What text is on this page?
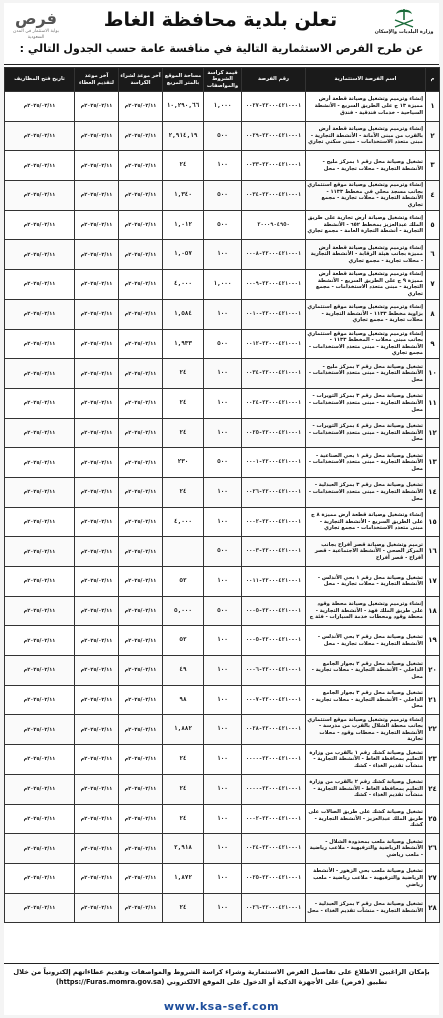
فرص
بوابة الاستثمار في المدن السعودية
تعلن بلدية محافظة الغاط
عن طرح الفرص الاستثمارية التالية في منافسة عامة حسب الجدول التالي :
وزارة البلديات والإسكان
م	اسم الفرصة الاستثمارية	رقم الفرصة	قيمة كراسة الشروط والمواصفات	مساحة الموقع بالمتر المربع	آخر موعد لشراء الكراسة	آخر موعد لتقديم العطاء	تاريخ فتح المظاريف
١	إنشاء وترميم وتشغيل وصيانة قطعة أرض مميزة ١٣ ج على الطريق السريع - الأنشطة السياحية - خدمات فندقية - فندق	٠١-٢٢٠٠٠٤٢١٠-٠٠٢٧	١,٠٠٠	١٠,٢٩٠,٦٦	٢٠٢٥/٠٢/١١م	٢٠٢٥/٠٢/١١م	٢٠٢٥/٠٢/١١م
٢	إنشاء وترميم وتشغيل وصيانة قطعة أرض بالقرب من مبنى الأمانة - الأنشطة التجارية - مبنى متعدد الاستخدامات - مبنى سكني تجاري	٠١-٢٢٠٠٠٤٢١٠-٠٠٢٩	٥٠٠	٢,٩١٤,١٩	٢٠٢٥/٠٢/١١م	٢٠٢٥/٠٢/١١م	٢٠٢٥/٠٢/١١م
٣	تشغيل وصيانة محل رقم ١ بمركز مليح - الأنشطة التجارية - محلات تجارية - محل	٠١-٢٢٠٠٠٤٢١٠-٠٠٣٣	١٠٠	٢٤	٢٠٢٥/٠٢/١١م	٢٠٢٥/٠٢/١١م	٢٠٢٥/٠٢/١١م
٤	إنشاء وترميم وتشغيل وصيانة موقع استثماري بجانب مسجد محلي في مخطط ١١٣٣ - الأنشطة التجارية - محلات تجارية - مجمع تجاري	٠١-٢٢٠٠٠٤٢١٠-٠٠٣٤	٥٠٠	١,٣٤٠	٢٠٢٥/٠٢/١١م	٢٠٢٥/٠٢/١١م	٢٠٢٥/٠٢/١١م
٥	إنشاء وتشغيل وصيانة أرض تجارية على طريق الملك عبدالعزيز بمخطط ٦٥٢ - الأنشطة التجارية - أنشطة التجارة العامة - مجمع تجاري	٢٠٠٠٩٠٤٩٥٠	٥٠٠	١,٠١٢	٢٠٢٥/٠٢/١١م	٢٠٢٥/٠٢/١١م	٢٠٢٥/٠٢/١١م
٦	إنشاء وترميم وتشغيل وصيانة قطعة أرض مميزة بجانب هيئة الرقابة - الأنشطة التجارية - محلات تجارية - مجمع تجاري	٠١-٢٢٠٠٠٤٢١٠-٠٠٠٨	١٠٠	١,٠٥٧	٢٠٢٥/٠٢/١١م	٢٠٢٥/٠٢/١١م	٢٠٢٥/٠٢/١١م
٧	إنشاء وترميم وتشغيل وصيانة قطعة أرض مميزة ٩ ج على الطريق السريع - الأنشطة التجارية - مبنى متعدد الاستخدامات - مجمع تجاري	٠١-٢٢٠٠٠٤٢١٠-٠٠٠٩	١,٠٠٠	٤,٠٠٠	٢٠٢٥/٠٢/١١م	٢٠٢٥/٠٢/١١م	٢٠٢٥/٠٢/١١م
٨	إنشاء وترميم وتشغيل وصيانة موقع استثماري بزاوية مخطط ١١٣٣ - الأنشطة التجارية - محلات تجارية - مجمع تجاري	٠١-٢٢٠٠٠٤٢١٠-٠٠١٠	١٠٠	١,٥٨٤	٢٠٢٥/٠٢/١١م	٢٠٢٥/٠٢/١١م	٢٠٢٥/٠٢/١١م
٩	إنشاء وترميم وتشغيل وصيانة موقع استثماري بجانب مبنى محلات - المخطط ١١٣٣ - الأنشطة التجارية - مبنى متعدد الاستخدامات - مجمع تجاري	٠١-٢٢٠٠٠٤٢١٠-٠٠١٢	٥٠٠	١,٩٣٣	٢٠٢٥/٠٢/١١م	٢٠٢٥/٠٢/١١م	٢٠٢٥/٠٢/١١م
١٠	تشغيل وصيانة محل رقم ٢ بمركز مليح - الأنشطة التجارية - مبنى متعدد الاستخدامات - محل	٠١-٢٢٠٠٠٤٢١٠-٠٠٣٤	١٠٠	٢٤	٢٠٢٥/٠٢/١١م	٢٠٢٥/٠٢/١١م	٢٠٢٥/٠٢/١١م
١١	تشغيل وصيانة محل رقم ٣ بمركز الثويرات - الأنشطة التجارية - مبنى متعدد الاستخدامات - محل	٠١-٢٢٠٠٠٤٢١٠-٠٠٢٤	١٠٠	٢٤	٢٠٢٥/٠٢/١١م	٢٠٢٥/٠٢/١١م	٢٠٢٥/٠٢/١١م
١٢	تشغيل وصيانة محل رقم ٤ بمركز الثويرات - الأنشطة التجارية - مبنى متعدد الاستخدامات - محل	٠١-٢٢٠٠٠٤٢١٠-٠٠٢٥	١٠٠	٢٤	٢٠٢٥/٠٢/١١م	٢٠٢٥/٠٢/١١م	٢٠٢٥/٠٢/١١م
١٣	تشغيل وصيانة محل رقم ١ بحي الصناعية - الأنشطة التجارية - مبنى متعدد الاستخدامات - محل	٠١-٢٢٠٠٠٤٢١٠-٠٠٠١	٥٠٠	٢٣٠	٢٠٢٥/٠٢/١١م	٢٠٢٥/٠٢/١١م	٢٠٢٥/٠٢/١١م
١٤	تشغيل وصيانة محل رقم ٣ بمركز العبدلية - الأنشطة التجارية - مبنى متعدد الاستخدامات - محل	٠١-٢٢٠٠٠٤٢١٠-٠٠٢٦	١٠٠	٢٤	٢٠٢٥/٠٢/١١م	٢٠٢٥/٠٢/١١م	٢٠٢٥/٠٢/١١م
١٥	إنشاء وتشغيل وصيانة قطعة أرض مميزة ٨ ج على الطريق السريع - الأنشطة التجارية - مبنى متعدد الاستخدامات - مجمع تجاري	٠١-٢٢٠٠٠٤٢١٠-٠٠٠٢	١٠٠	٤,٠٠٠	٢٠٢٥/٠٢/١١م	٢٠٢٥/٠٢/١١م	٢٠٢٥/٠٢/١١م
١٦	ترميم وتشغيل وصيانة قصر أفراح بجانب المركز الصحي - الأنشطة الاجتماعية - قصر أفراح - قصر أفراح	٠١-٢٢٠٠٠٤٢١٠-٠٠٠٣	٥٠٠		٢٠٢٥/٠٢/١١م	٢٠٢٥/٠٢/١١م	٢٠٢٥/٠٢/١١م
١٧	تشغيل وصيانة محل رقم ١ بحي الأندلس - الأنشطة التجارية - محلات تجارية - محل	٠١-٢٢٠٠٠٤٢١٠-٠٠١١	١٠٠	٥٢	٢٠٢٥/٠٢/١١م	٢٠٢٥/٠٢/١١م	٢٠٢٥/٠٢/١١م
١٨	إنشاء وترميم وتشغيل وصيانة محطة وقود على طريق الملك فهد - الأنشطة التجارية - محطة وقود ومحطات خدمة السيارات - فئة ج	٠١-٢٢٠٠٠٤٢١٠-٠٠٠٥	٥٠٠	٥,٠٠٠	٢٠٢٥/٠٢/١١م	٢٠٢٥/٠٢/١١م	٢٠٢٥/٠٢/١١م
١٩	تشغيل وصيانة محل رقم ٢ بحي الأندلس - الأنشطة التجارية - محلات تجارية - محل	٠١-٢٢٠٠٠٤٢١٠-٠٠٠٥	١٠٠	٥٢	٢٠٢٥/٠٢/١١م	٢٠٢٥/٠٢/١١م	٢٠٢٥/٠٢/١١م
٢٠	تشغيل وصيانة محل رقم ٢ بجوار الجامع الداخلي - الأنشطة التجارية - محلات تجارية - محل	٠١-٢٢٠٠٠٤٢١٠-٠٠٠٦	١٠٠	٤٩	٢٠٢٥/٠٢/١١م	٢٠٢٥/٠٢/١١م	٢٠٢٥/٠٢/١١م
٢١	تشغيل وصيانة محل رقم ٣ بجوار الجامع الداخلي - الأنشطة التجارية - محلات تجارية - محل	٠١-٢٢٠٠٠٤٢١٠-٠٠٠٧	١٠٠	٩٨	٢٠٢٥/٠٢/١١م	٢٠٢٥/٠٢/١١م	٢٠٢٥/٠٢/١١م
٢٢	إنشاء وترميم وتشغيل وصيانة موقع استثماري بجانب محطة الشلال بالقرب من مدرسة - الأنشطة التجارية - محطات وقود - محلات تجارية	٠١-٢٢٠٠٠٤٢١٠-٠٠٢٨	١٠٠	١,٨٨٢	٢٠٢٥/٠٢/١١م	٢٠٢٥/٠٢/١١م	٢٠٢٥/٠٢/١١م
٢٣	تشغيل وصيانة كشك رقم ١ بالقرب من وزارة التعليم بمحافظة الغاط - الأنشطة التجارية - منشآت تقديم الغذاء - كشك	٠١-٢٢٠٠٠٤٢١٠-٠٠٠٠	١٠٠	٢٤	٢٠٢٥/٠٢/١١م	٢٠٢٥/٠٢/١١م	٢٠٢٥/٠٢/١١م
٢٤	تشغيل وصيانة كشك رقم ٢ بالقرب من وزارة التعليم بمحافظة الغاط - الأنشطة التجارية - منشآت تقديم الغذاء - كشك	٠١-٢٢٠٠٠٤٢١٠-٠٠٠٠	١٠٠	٢٤	٢٠٢٥/٠٢/١١م	٢٠٢٥/٠٢/١١م	٢٠٢٥/٠٢/١١م
٢٥	تشغيل وصيانة كشك على طريق الصالات على طريق الملك عبدالعزيز - الأنشطة التجارية - كشك	٠١-٢٢٠٠٠٤٢١٠-٠٠٠٢	١٠٠	٢٤	٢٠٢٥/٠٢/١١م	٢٠٢٥/٠٢/١١م	٢٠٢٥/٠٢/١١م
٢٦	تشغيل وصيانة ملعب بمحدودة الشلال - الأنشطة الرياضية والترفيهية - ملاعب رياضية - ملعب رياضي	٠١-٢٢٠٠٠٤٢١٠-٠٠٢٤	١٠٠	٢,٩١٨	٢٠٢٥/٠٢/١١م	٢٠٢٥/٠٢/١١م	٢٠٢٥/٠٢/١١م
٢٧	تشغيل وصيانة ملعب بحي الزهور - الأنشطة الرياضية والترفيهية - ملاعب رياضية - ملعب رياضي	٠١-٢٢٠٠٠٤٢١٠-٠٠٢٥	١٠٠	١,٨٧٢	٢٠٢٥/٠٢/١١م	٢٠٢٥/٠٢/١١م	٢٠٢٥/٠٢/١١م
٢٨	تشغيل وصيانة محل رقم ٢ بمركز العبدلية - الأنشطة التجارية - منشآت تقديم الغذاء - محل	٠١-٢٢٠٠٠٤٢١٠-٠٠٢٦	١٠٠	٢٤	٢٠٢٥/٠٢/١١م	٢٠٢٥/٠٢/١١م	٢٠٢٥/٠٢/١١م
بإمكان الراغبين الاطلاع على تفاصيل الفرص الاستثمارية وشراء كراسة الشروط والمواصفات وتقديم عطاءاتهم إلكترونياً من خلال تطبيق (فرص) على الأجهزة الذكية أو الدخول على الموقع الالكتروني (https://Furas.momra.gov.sa)
www.ksa-sef.com
